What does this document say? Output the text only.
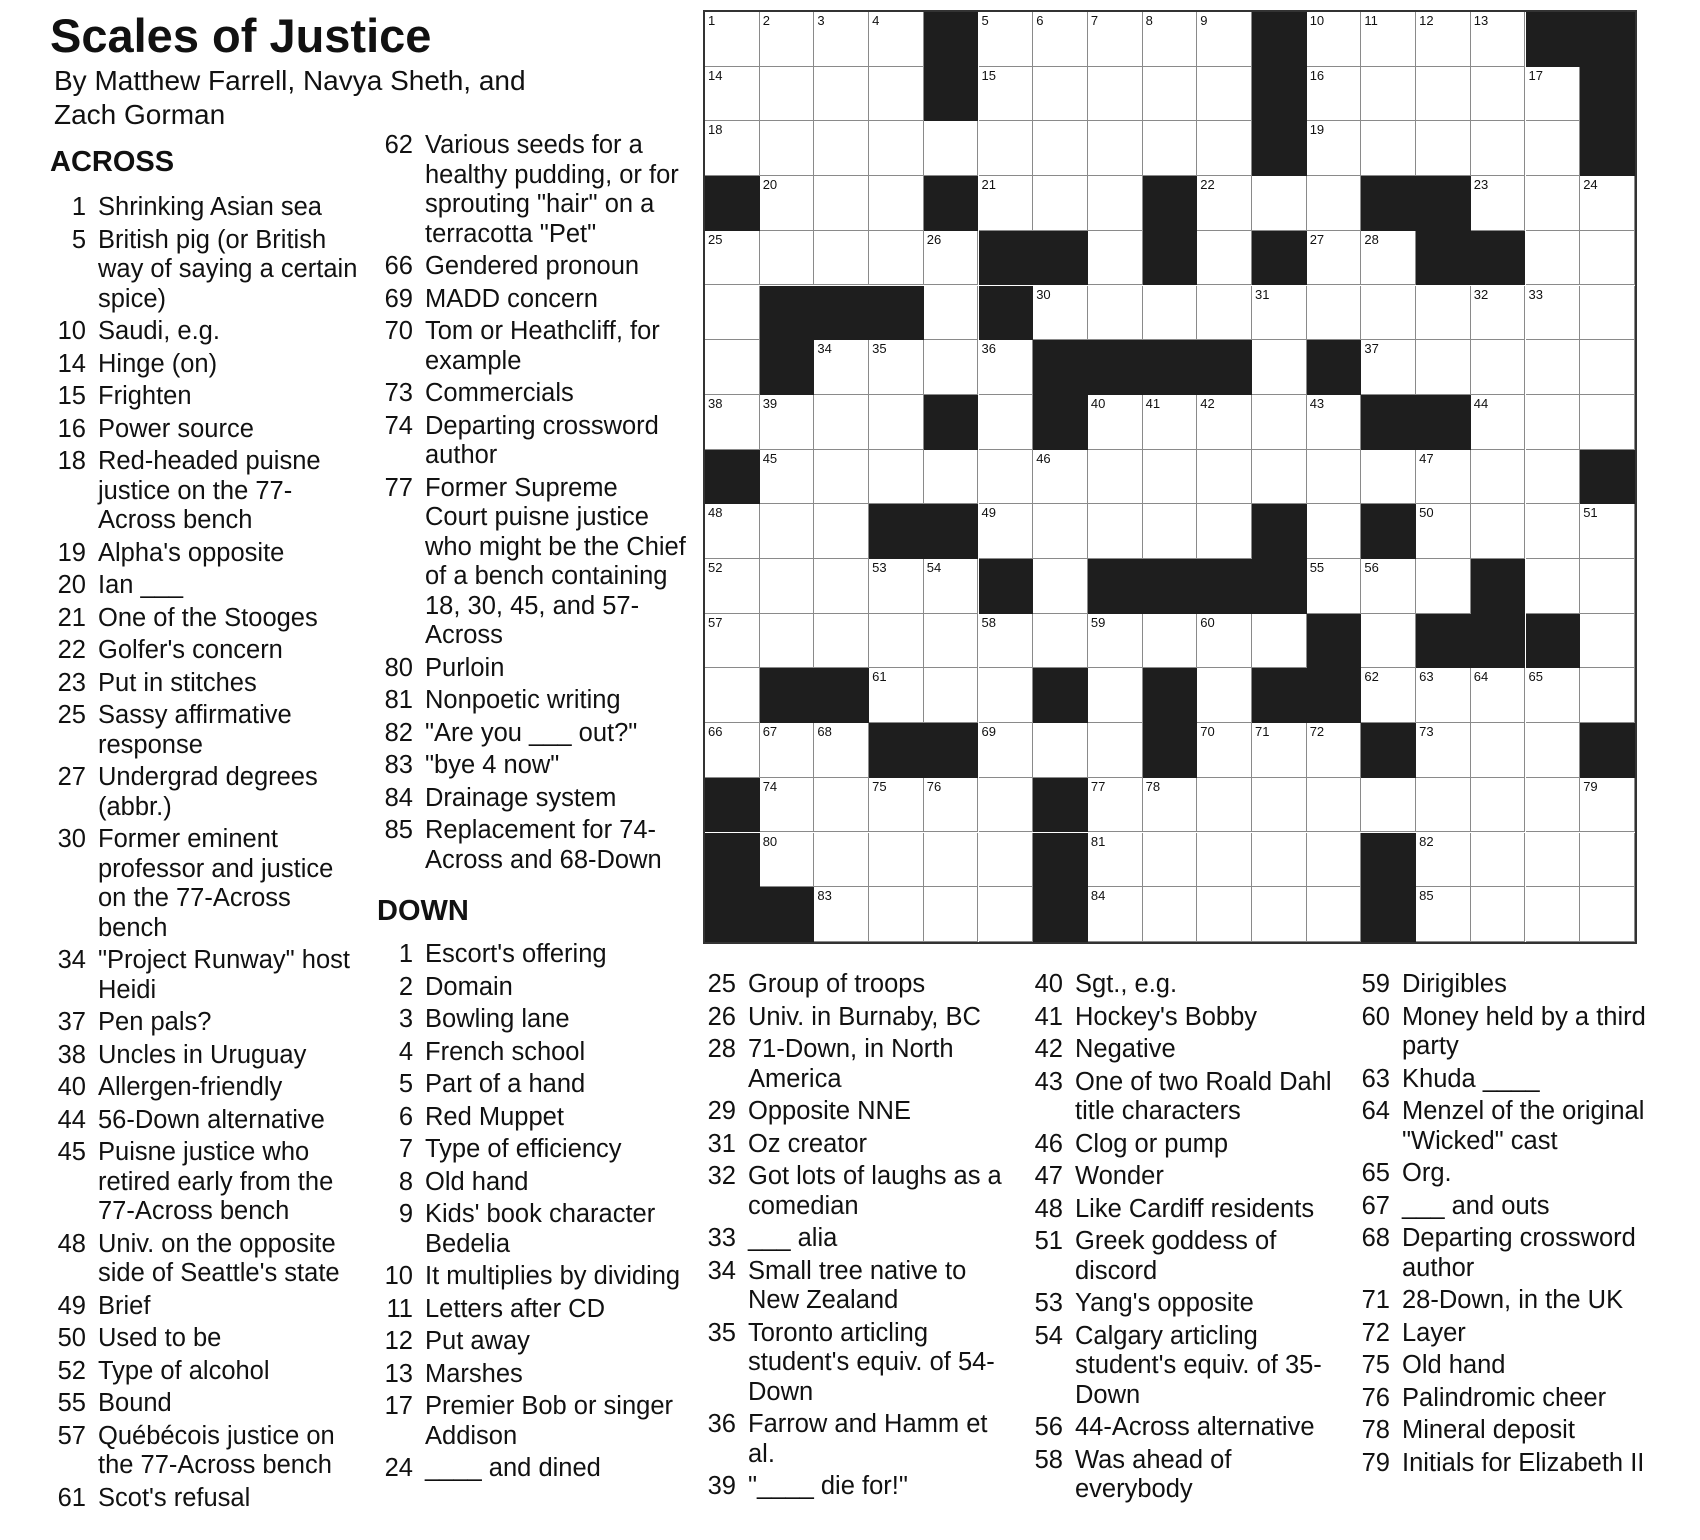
Scales of Justice
By Matthew Farrell, Navya Sheth, and Zach Gorman
ACROSS
1 Shrinking Asian sea
5 British pig (or British way of saying a certain spice)
10 Saudi, e.g.
14 Hinge (on)
15 Frighten
16 Power source
18 Red-headed puisne justice on the 77-Across bench
19 Alpha's opposite
20 Ian ___
21 One of the Stooges
22 Golfer's concern
23 Put in stitches
25 Sassy affirmative response
27 Undergrad degrees (abbr.)
30 Former eminent professor and justice on the 77-Across bench
34 "Project Runway" host Heidi
37 Pen pals?
38 Uncles in Uruguay
40 Allergen-friendly
44 56-Down alternative
45 Puisne justice who retired early from the 77-Across bench
48 Univ. on the opposite side of Seattle's state
49 Brief
50 Used to be
52 Type of alcohol
55 Bound
57 Québécois justice on the 77-Across bench
61 Scot's refusal
62 Various seeds for a healthy pudding, or for sprouting "hair" on a terracotta "Pet"
66 Gendered pronoun
69 MADD concern
70 Tom or Heathcliff, for example
73 Commercials
74 Departing crossword author
77 Former Supreme Court puisne justice who might be the Chief of a bench containing 18, 30, 45, and 57-Across
80 Purloin
81 Nonpoetic writing
82 "Are you ___ out?"
83 "bye 4 now"
84 Drainage system
85 Replacement for 74-Across and 68-Down
DOWN
1 Escort's offering
2 Domain
3 Bowling lane
4 French school
5 Part of a hand
6 Red Muppet
7 Type of efficiency
8 Old hand
9 Kids' book character Bedelia
10 It multiplies by dividing
11 Letters after CD
12 Put away
13 Marshes
17 Premier Bob or singer Addison
24 ____ and dined
25 Group of troops
26 Univ. in Burnaby, BC
28 71-Down, in North America
29 Opposite NNE
31 Oz creator
32 Got lots of laughs as a comedian
33 ___ alia
34 Small tree native to New Zealand
35 Toronto articling student's equiv. of 54-Down
36 Farrow and Hamm et al.
39 "____ die for!"
40 Sgt., e.g.
41 Hockey's Bobby
42 Negative
43 One of two Roald Dahl title characters
46 Clog or pump
47 Wonder
48 Like Cardiff residents
51 Greek goddess of discord
53 Yang's opposite
54 Calgary articling student's equiv. of 35-Down
56 44-Across alternative
58 Was ahead of everybody
59 Dirigibles
60 Money held by a third party
63 Khuda ____
64 Menzel of the original "Wicked" cast
65 Org.
67 ___ and outs
68 Departing crossword author
71 28-Down, in the UK
72 Layer
75 Old hand
76 Palindromic cheer
78 Mineral deposit
79 Initials for Elizabeth II
1	2	3	4	5	6	7	8	9	10	11	12	13
14	15	16	17
18	19
20	21	22	23	24
25	26	27	28
30	31	32	33
34	35	36	37
38	39	40	41	42	43	44
45	46	47
48	49	50	51
52	53	54	55	56
57	58	59	60
61	62	63	64	65
66	67	68	69	70	71	72	73
74	75	76	77	78	79
80	81	82
83	84	85
